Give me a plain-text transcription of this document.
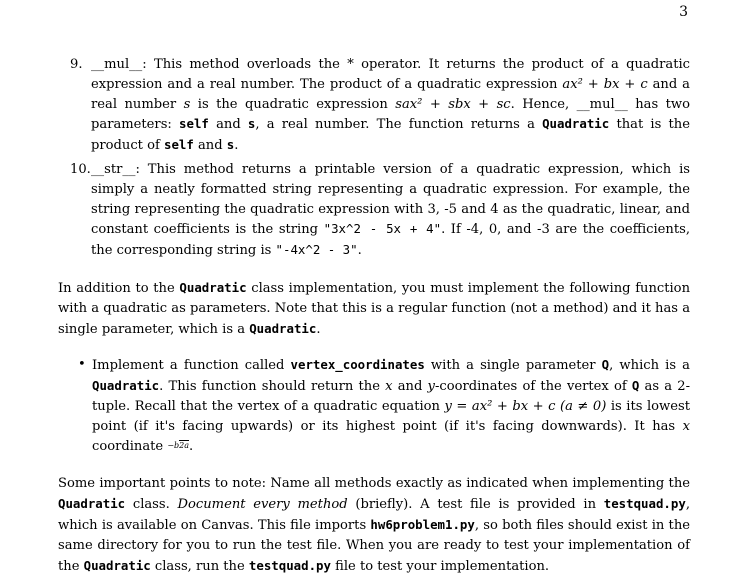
3
9. __mul__: This method overloads the * operator. It returns the product of a quadratic expression and a real number. The product of a quadratic expression ax² + bx + c and a real number s is the quadratic expression sax² + sbx + sc. Hence, __mul__ has two parameters: self and s, a real number. The function returns a Quadratic that is the product of self and s.
10. __str__: This method returns a printable version of a quadratic expression, which is simply a neatly formatted string representing a quadratic expression. For example, the string representing the quadratic expression with 3, -5 and 4 as the quadratic, linear, and constant coefficients is the string "3x^2 - 5x + 4". If -4, 0, and -3 are the coefficients, the corresponding string is "-4x^2 - 3".
In addition to the Quadratic class implementation, you must implement the following function with a quadratic as parameters. Note that this is a regular function (not a method) and it has a single parameter, which is a Quadratic.
• Implement a function called vertex_coordinates with a single parameter Q, which is a Quadratic. This function should return the x and y-coordinates of the vertex of Q as a 2-tuple. Recall that the vertex of a quadratic equation y = ax² + bx + c (a ≠ 0) is its lowest point (if it's facing upwards) or its highest point (if it's facing downwards). It has x coordinate −b2a.
Some important points to note: Name all methods exactly as indicated when implementing the Quadratic class. Document every method (briefly). A test file is provided in testquad.py, which is available on Canvas. This file imports hw6problem1.py, so both files should exist in the same directory for you to run the test file. When you are ready to test your implementation of the Quadratic class, run the testquad.py file to test your implementation.
